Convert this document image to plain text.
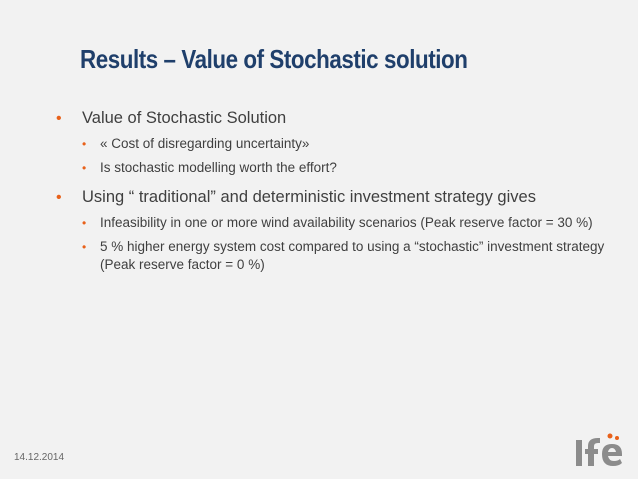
Results – Value of Stochastic solution
• Value of Stochastic Solution
• « Cost of disregarding uncertainty»
• Is stochastic modelling worth the effort?
• Using “ traditional” and deterministic investment strategy gives
• Infeasibility in one or more wind availability scenarios (Peak reserve factor = 30 %)
• 5 % higher energy system cost compared to using a “stochastic” investment strategy (Peak reserve factor = 0 %)
14.12.2014
